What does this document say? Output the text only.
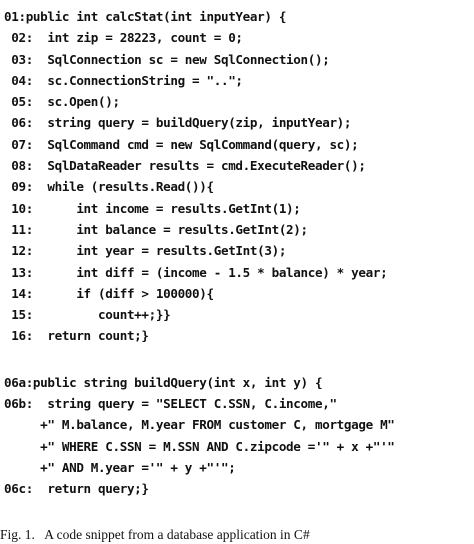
01:public int calcStat(int inputYear) {
02:  int zip = 28223, count = 0;
03:  SqlConnection sc = new SqlConnection();
04:  sc.ConnectionString = "..";
05:  sc.Open();
06:  string query = buildQuery(zip, inputYear);
07:  SqlCommand cmd = new SqlCommand(query, sc);
08:  SqlDataReader results = cmd.ExecuteReader();
09:  while (results.Read()){
10:      int income = results.GetInt(1);
11:      int balance = results.GetInt(2);
12:      int year = results.GetInt(3);
13:      int diff = (income - 1.5 * balance) * year;
14:      if (diff > 100000){
15:         count++;}}
16:  return count;}
06a:public string buildQuery(int x, int y) {
06b:  string query = "SELECT C.SSN, C.income,"
+" M.balance, M.year FROM customer C, mortgage M"
+" WHERE C.SSN = M.SSN AND C.zipcode ='" + x +"'"
+" AND M.year ='" + y +"'";
06c:  return query;}
Fig. 1.   A code snippet from a database application in C#
